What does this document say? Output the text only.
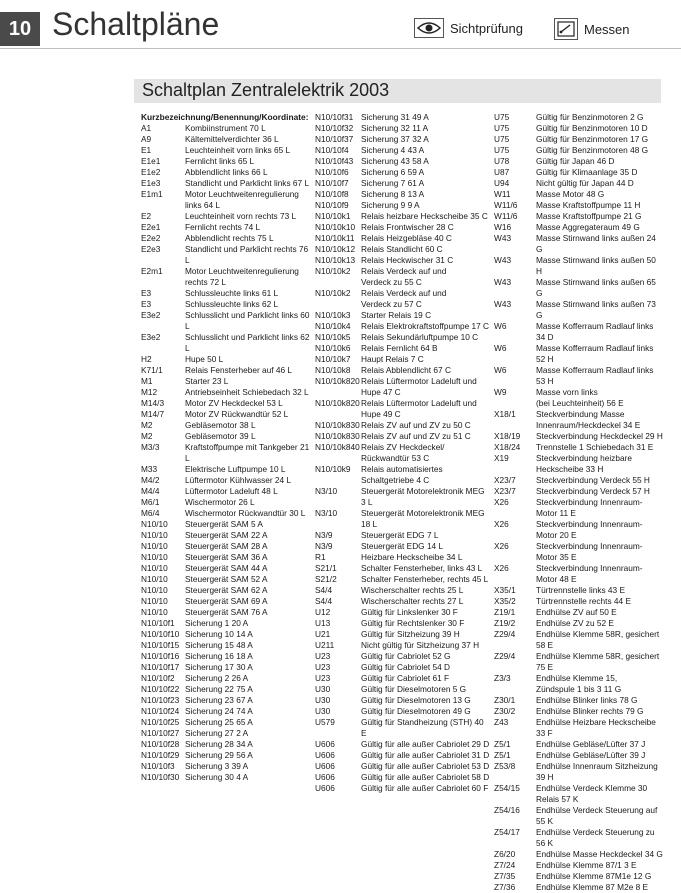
10 Schaltpläne	Sichtprüfung	Messen
Schaltplan Zentralelektrik 2003
Kurzbezeichnung/Benennung/Koordinate:
A1	Kombiinstrument 70 L
A9	Kältemittelverdichter 36 L
E1	Leuchteinheit vorn links 65 L
E1e1	Fernlicht links 65 L
E1e2	Abblendlicht links 66 L
E1e3	Standlicht und Parklicht links 67 L
E1m1	Motor Leuchtweitenregulierung
links 64 L
E2	Leuchteinheit vorn rechts 73 L
E2e1	Fernlicht rechts 74 L
E2e2	Abblendlicht rechts 75 L
E2e3	Standlicht und Parklicht rechts 76 L
E2m1	Motor Leuchtweitenregulierung
rechts 72 L
E3	Schlussleuchte links 61 L
E3	Schlussleuchte links 62 L
E3e2	Schlusslicht und Parklicht links 60 L
E3e2	Schlusslicht und Parklicht links 62 L
H2	Hupe 50 L
K71/1	Relais Fensterheber auf 46 L
M1	Starter 23 L
M12	Antriebseinheit Schiebedach 32 L
M14/3	Motor ZV Heckdeckel 53 L
M14/7	Motor ZV Rückwandtür 52 L
M2	Gebläsemotor 38 L
M2	Gebläsemotor 39 L
M3/3	Kraftstoffpumpe mit Tankgeber 21 L
M33	Elektrische Luftpumpe 10 L
M4/2	Lüftermotor Kühlwasser 24 L
M4/4	Lüftermotor Ladeluft 48 L
M6/1	Wischermotor 26 L
M6/4	Wischermotor Rückwandtür 30 L
N10/10	Steuergerät SAM 5 A
N10/10	Steuergerät SAM 22 A
N10/10	Steuergerät SAM 28 A
N10/10	Steuergerät SAM 36 A
N10/10	Steuergerät SAM 44 A
N10/10	Steuergerät SAM 52 A
N10/10	Steuergerät SAM 62 A
N10/10	Steuergerät SAM 69 A
N10/10	Steuergerät SAM 76 A
N10/10f1	Sicherung 1 20 A
N10/10f10 Sicherung 10 14 A
N10/10f15 Sicherung 15 48 A
N10/10f16 Sicherung 16 18 A
N10/10f17 Sicherung 17 30 A
N10/10f2	Sicherung 2 26 A
N10/10f22 Sicherung 22 75 A
N10/10f23 Sicherung 23 67 A
N10/10f24 Sicherung 24 74 A
N10/10f25 Sicherung 25 65 A
N10/10f27 Sicherung 27 2 A
N10/10f28 Sicherung 28 34 A
N10/10f29 Sicherung 29 56 A
N10/10f3	Sicherung 3 39 A
N10/10f30 Sicherung 30 4 A
N10/10f31 Sicherung 31 49 A
N10/10f32 Sicherung 32 11 A
N10/10f37 Sicherung 37 32 A
N10/10f4	Sicherung 4 43 A
N10/10f43 Sicherung 43 58 A
N10/10f6	Sicherung 6 59 A
N10/10f7	Sicherung 7 61 A
N10/10f8	Sicherung 8 13 A
N10/10f9	Sicherung 9 9 A
N10/10k1	Relais heizbare Heckscheibe 35 C
N10/10k10 Relais Frontwischer 28 C
N10/10k11 Relais Heizgebläse 40 C
N10/10k12 Relais Standlicht 60 C
N10/10k13 Relais Heckwischer 31 C
N10/10k2	Relais Verdeck auf und
Verdeck zu 55 C
N10/10k2	Relais Verdeck auf und
Verdeck zu 57 C
N10/10k3	Starter Relais 19 C
N10/10k4	Relais Elektrokraftstoffpumpe 17 C
N10/10k5	Relais Sekundärluftpumpe 10 C
N10/10k6	Relais Fernlicht 64 B
N10/10k7	Haupt Relais 7 C
N10/10k8	Relais Abblendlicht 67 C
N10/10k820 Relais Lüftermotor Ladeluft und
Hupe 47 C
N10/10k820 Relais Lüftermotor Ladeluft und
Hupe 49 C
N10/10k830 Relais ZV auf und ZV zu 50 C
N10/10k830 Relais ZV auf und ZV zu 51 C
N10/10k840 Relais ZV Heckdeckel/
Rückwandtür 53 C
N10/10k9	Relais automatisiertes
Schaltgetriebe 4 C
N3/10	Steuergerät Motorelektronik MEG 3 L
N3/10	Steuergerät Motorelektronik MEG 18 L
N3/9	Steuergerät EDG 7 L
N3/9	Steuergerät EDG 14 L
R1	Heizbare Heckscheibe 34 L
S21/1	Schalter Fensterheber, links 43 L
S21/2	Schalter Fensterheber, rechts 45 L
S4/4	Wischerschalter rechts 25 L
S4/4	Wischerschalter rechts 27 L
U12	Gültig für Linkslenker 30 F
U13	Gültig für Rechtslenker 30 F
U21	Gültig für Sitzheizung 39 H
U211	Nicht gültig für Sitzheizung 37 H
U23	Gültig für Cabriolet 52 G
U23	Gültig für Cabriolet 54 D
U23	Gültig für Cabriolet 61 F
U30	Gültig für Dieselmotoren 5 G
U30	Gültig für Dieselmotoren 13 G
U30	Gültig für Dieselmotoren 49 G
U579	Gültig für Standheizung (STH) 40 E
U606	Gültig für alle außer Cabriolet 29 D
U606	Gültig für alle außer Cabriolet 31 D
U606	Gültig für alle außer Cabriolet 53 D
U606	Gültig für alle außer Cabriolet 58 D
U606	Gültig für alle außer Cabriolet 60 F
U75	Gültig für Benzinmotoren 2 G
U75	Gültig für Benzinmotoren 10 D
U75	Gültig für Benzinmotoren 17 G
U75	Gültig für Benzinmotoren 48 G
U78	Gültig für Japan 46 D
U87	Gültig für Klimaanlage 35 D
U94	Nicht gültig für Japan 44 D
W11	Masse Motor 48 G
W11/6	Masse Kraftstoffpumpe 11 H
W11/6	Masse Kraftstoffpumpe 21 G
W16	Masse Aggregateraum 49 G
W43	Masse Stirnwand links außen 24 G
W43	Masse Stirnwand links außen 50 H
W43	Masse Stirnwand links außen 65 G
W43	Masse Stirnwand links außen 73 G
W6	Masse Kofferraum Radlauf links 34 D
W6	Masse Kofferraum Radlauf links 52 H
W6	Masse Kofferraum Radlauf links 53 H
W9	Masse vorn links
(bei Leuchteinheit) 56 E
X18/1	Steckverbindung Masse
Innenraum/Heckdeckel 34 E
X18/19	Steckverbindung Heckdeckel 29 H
X18/24	Trennstelle 1 Schiebedach 31 E
X19	Steckverbindung heizbare
Heckscheibe 33 H
X23/7	Steckverbindung Verdeck 55 H
X23/7	Steckverbindung Verdeck 57 H
X26	Steckverbindung Innenraum-
Motor 11 E
X26	Steckverbindung Innenraum-
Motor 20 E
X26	Steckverbindung Innenraum-
Motor 35 E
X26	Steckverbindung Innenraum-
Motor 48 E
X35/1	Türtrennstelle links 43 E
X35/2	Türtrennstelle rechts 44 E
Z19/1	Endhülse ZV auf 50 E
Z19/2	Endhülse ZV zu 52 E
Z29/4	Endhülse Klemme 58R, gesichert 58 E
Z29/4	Endhülse Klemme 58R, gesichert 75 E
Z3/3	Endhülse Klemme 15,
Zündspule 1 bis 3 11 G
Z30/1	Endhülse Blinker links 78 G
Z30/2	Endhülse Blinker rechts 79 G
Z43	Endhülse Heizbare Heckscheibe 33 F
Z5/1	Endhülse Gebläse/Lüfter 37 J
Z5/1	Endhülse Gebläse/Lüfter 39 J
Z53/8	Endhülse Innenraum Sitzheizung 39 H
Z54/15	Endhülse Verdeck Klemme 30
Relais 57 K
Z54/16	Endhülse Verdeck Steuerung auf 55 K
Z54/17	Endhülse Verdeck Steuerung zu 56 K
Z6/20	Endhülse Masse Heckdeckel 34 G
Z7/24	Endhülse Klemme 87/1 3 E
Z7/35	Endhülse Klemme 87M1e 12 G
Z7/36	Endhülse Klemme 87 M2e 8 E
